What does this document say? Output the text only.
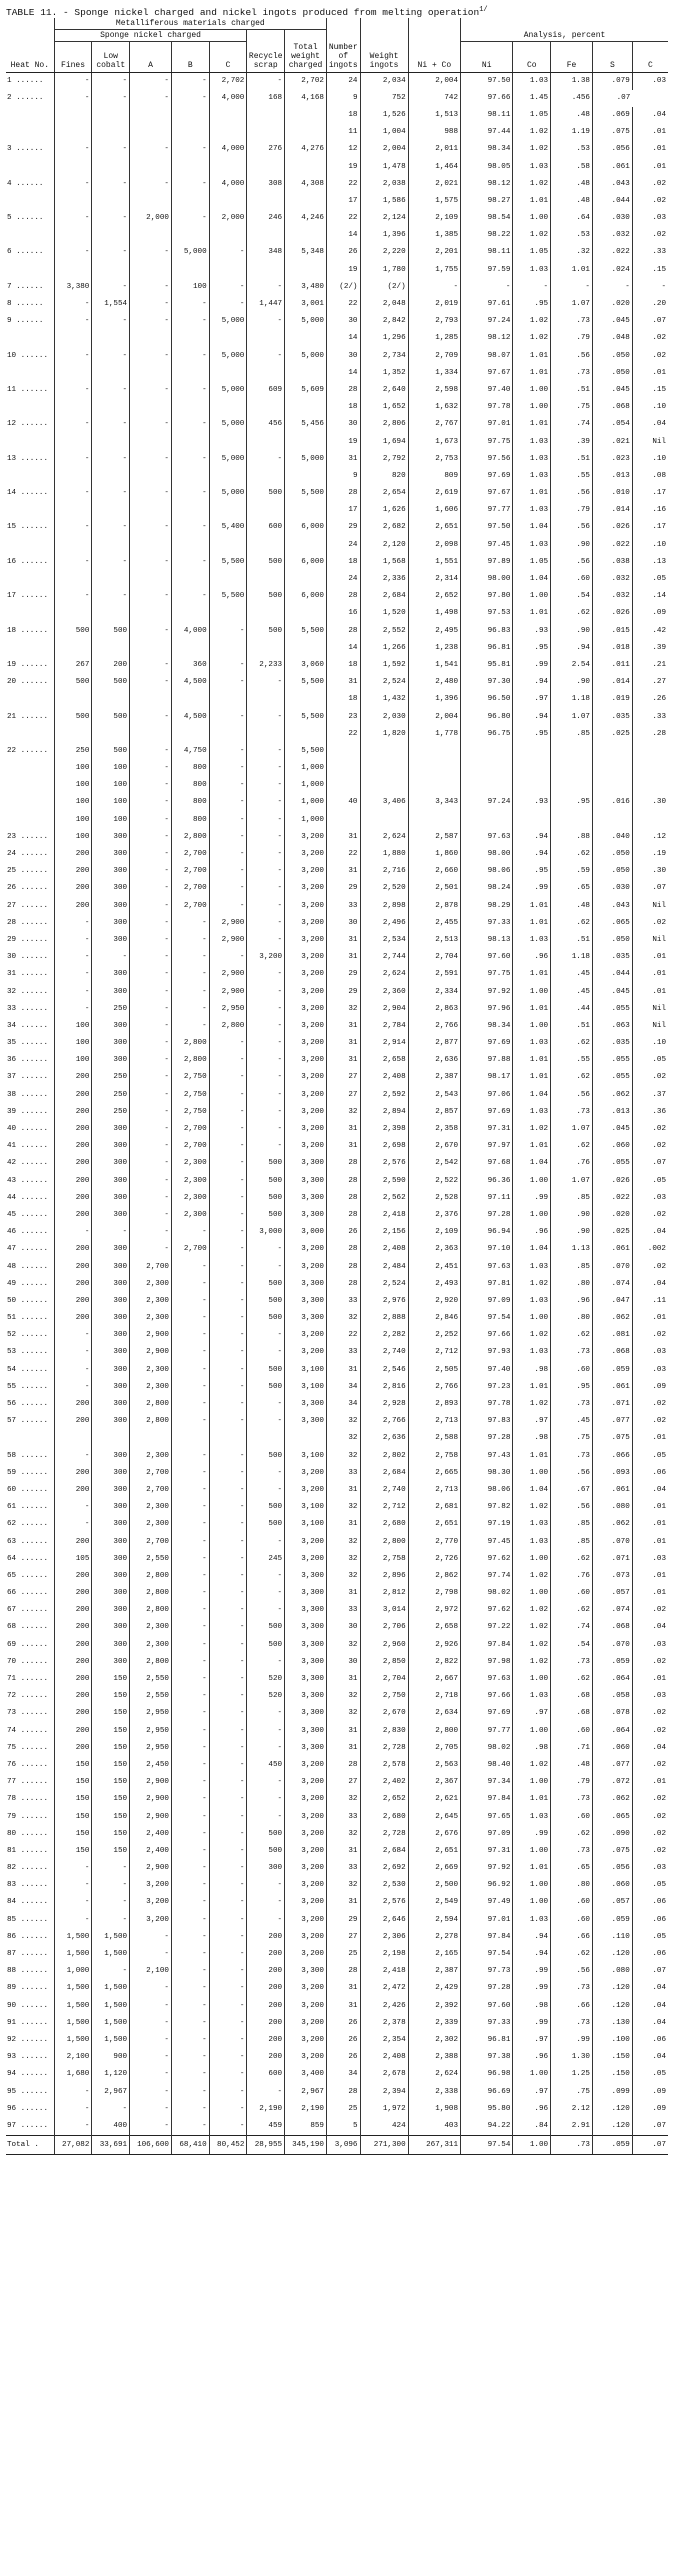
TABLE 11. - Sponge nickel charged and nickel ingots produced from melting operation$^{1/}$
	Metalliferous materials charged														
	Sponge nickel charged										Analysis, percent				
Heat No.	Fines	Low cobalt	A	B	C	Recycle scrap	Total weight charged	Number of ingots	Weight ingots	Ni + Co	Ni	Co	Fe	S	C
1 ......	-	-	-	-	2,702	-	2,702	24	2,034	2,004	97.50	1.03	1.38	.079	.03
2 ......	-	-	-	-	4,000	168	4,168	9	752	742	97.66	1.45	.456	.07	
								18	1,526	1,513	98.11	1.05	.48	.069	.04
								11	1,004	988	97.44	1.02	1.19	.075	.01
3 ......	-	-	-	-	4,000	276	4,276	12	2,004	2,011	98.34	1.02	.53	.056	.01
								19	1,478	1,464	98.05	1.03	.58	.061	.01
4 ......	-	-	-	-	4,000	308	4,308	22	2,038	2,021	98.12	1.02	.48	.043	.02
								17	1,586	1,575	98.27	1.01	.48	.044	.02
5 ......	-	-	2,000	-	2,000	246	4,246	22	2,124	2,109	98.54	1.00	.64	.030	.03
								14	1,396	1,385	98.22	1.02	.53	.032	.02
6 ......	-	-	-	5,000	-	348	5,348	26	2,220	2,201	98.11	1.05	.32	.022	.33
								19	1,780	1,755	97.59	1.03	1.01	.024	.15
7 ......	3,380	-	-	100	-	-	3,480	(2/)	(2/)	-	-	-	-	-	-
8 ......	-	1,554	-	-	-	1,447	3,001	22	2,048	2,019	97.61	.95	1.07	.020	.20
9 ......	-	-	-	-	5,000	-	5,000	30	2,842	2,793	97.24	1.02	.73	.045	.07
								14	1,296	1,285	98.12	1.02	.79	.048	.02
10 ......	-	-	-	-	5,000	-	5,000	30	2,734	2,709	98.07	1.01	.56	.050	.02
								14	1,352	1,334	97.67	1.01	.73	.050	.01
11 ......	-	-	-	-	5,000	609	5,609	28	2,640	2,598	97.40	1.00	.51	.045	.15
								18	1,652	1,632	97.78	1.00	.75	.068	.10
12 ......	-	-	-	-	5,000	456	5,456	30	2,806	2,767	97.01	1.01	.74	.054	.04
								19	1,694	1,673	97.75	1.03	.39	.021	Nil
13 ......	-	-	-	-	5,000	-	5,000	31	2,792	2,753	97.56	1.03	.51	.023	.10
								9	820	809	97.69	1.03	.55	.013	.08
14 ......	-	-	-	-	5,000	500	5,500	28	2,654	2,619	97.67	1.01	.56	.010	.17
								17	1,626	1,606	97.77	1.03	.79	.014	.16
15 ......	-	-	-	-	5,400	600	6,000	29	2,682	2,651	97.50	1.04	.56	.026	.17
								24	2,120	2,098	97.45	1.03	.90	.022	.10
16 ......	-	-	-	-	5,500	500	6,000	18	1,568	1,551	97.89	1.05	.56	.038	.13
								24	2,336	2,314	98.00	1.04	.60	.032	.05
17 ......	-	-	-	-	5,500	500	6,000	28	2,684	2,652	97.80	1.00	.54	.032	.14
								16	1,520	1,498	97.53	1.01	.62	.026	.09
18 ......	500	500	-	4,000	-	500	5,500	28	2,552	2,495	96.83	.93	.90	.015	.42
								14	1,266	1,238	96.81	.95	.94	.018	.39
19 ......	267	200	-	360	-	2,233	3,060	18	1,592	1,541	95.81	.99	2.54	.011	.21
20 ......	500	500	-	4,500	-	-	5,500	31	2,524	2,480	97.30	.94	.90	.014	.27
								18	1,432	1,396	96.50	.97	1.18	.019	.26
21 ......	500	500	-	4,500	-	-	5,500	23	2,030	2,004	96.80	.94	1.07	.035	.33
								22	1,820	1,778	96.75	.95	.85	.025	.28
22 ......	250	500	-	4,750	-	-	5,500								
	100	100	-	800	-	-	1,000								
	100	100	-	800	-	-	1,000								
	100	100	-	800	-	-	1,000	40	3,406	3,343	97.24	.93	.95	.016	.30
	100	100	-	800	-	-	1,000								
23 ......	100	300	-	2,800	-	-	3,200	31	2,624	2,587	97.63	.94	.88	.040	.12
24 ......	200	300	-	2,700	-	-	3,200	22	1,880	1,860	98.00	.94	.62	.050	.19
25 ......	200	300	-	2,700	-	-	3,200	31	2,716	2,660	98.06	.95	.59	.050	.30
26 ......	200	300	-	2,700	-	-	3,200	29	2,520	2,501	98.24	.99	.65	.030	.07
27 ......	200	300	-	2,700	-	-	3,200	33	2,898	2,878	98.29	1.01	.48	.043	Nil
28 ......	-	300	-	-	2,900	-	3,200	30	2,496	2,455	97.33	1.01	.62	.065	.02
29 ......	-	300	-	-	2,900	-	3,200	31	2,534	2,513	98.13	1.03	.51	.050	Nil
30 ......	-	-	-	-	-	3,200	3,200	31	2,744	2,704	97.60	.96	1.18	.035	.01
31 ......	-	300	-	-	2,900	-	3,200	29	2,624	2,591	97.75	1.01	.45	.044	.01
32 ......	-	300	-	-	2,900	-	3,200	29	2,360	2,334	97.92	1.00	.45	.045	.01
33 ......	-	250	-	-	2,950	-	3,200	32	2,904	2,863	97.96	1.01	.44	.055	Nil
34 ......	100	300	-	-	2,800	-	3,200	31	2,784	2,766	98.34	1.00	.51	.063	Nil
35 ......	100	300	-	2,800	-	-	3,200	31	2,914	2,877	97.69	1.03	.62	.035	.10
36 ......	100	300	-	2,800	-	-	3,200	31	2,658	2,636	97.88	1.01	.55	.055	.05
37 ......	200	250	-	2,750	-	-	3,200	27	2,408	2,387	98.17	1.01	.62	.055	.02
38 ......	200	250	-	2,750	-	-	3,200	27	2,592	2,543	97.06	1.04	.56	.062	.37
39 ......	200	250	-	2,750	-	-	3,200	32	2,894	2,857	97.69	1.03	.73	.013	.36
40 ......	200	300	-	2,700	-	-	3,200	31	2,398	2,358	97.31	1.02	1.07	.045	.02
41 ......	200	300	-	2,700	-	-	3,200	31	2,698	2,670	97.97	1.01	.62	.060	.02
42 ......	200	300	-	2,300	-	500	3,300	28	2,576	2,542	97.68	1.04	.76	.055	.07
43 ......	200	300	-	2,300	-	500	3,300	28	2,590	2,522	96.36	1.00	1.07	.026	.05
44 ......	200	300	-	2,300	-	500	3,300	28	2,562	2,528	97.11	.99	.85	.022	.03
45 ......	200	300	-	2,300	-	500	3,300	28	2,418	2,376	97.28	1.00	.90	.020	.02
46 ......	-	-	-	-	-	3,000	3,000	26	2,156	2,109	96.94	.96	.90	.025	.04
47 ......	200	300	-	2,700	-	-	3,200	28	2,408	2,363	97.10	1.04	1.13	.061	.002
48 ......	200	300	2,700	-	-	-	3,200	28	2,484	2,451	97.63	1.03	.85	.070	.02
49 ......	200	300	2,300	-	-	500	3,300	28	2,524	2,493	97.81	1.02	.80	.074	.04
50 ......	200	300	2,300	-	-	500	3,300	33	2,976	2,920	97.09	1.03	.96	.047	.11
51 ......	200	300	2,300	-	-	500	3,300	32	2,888	2,846	97.54	1.00	.80	.062	.01
52 ......	-	300	2,900	-	-	-	3,200	22	2,282	2,252	97.66	1.02	.62	.081	.02
53 ......	-	300	2,900	-	-	-	3,200	33	2,740	2,712	97.93	1.03	.73	.068	.03
54 ......	-	300	2,300	-	-	500	3,100	31	2,546	2,505	97.40	.98	.60	.059	.03
55 ......	-	300	2,300	-	-	500	3,100	34	2,816	2,766	97.23	1.01	.95	.061	.09
56 ......	200	300	2,800	-	-	-	3,300	34	2,928	2,893	97.78	1.02	.73	.071	.02
57 ......	200	300	2,800	-	-	-	3,300	32	2,766	2,713	97.83	.97	.45	.077	.02
								32	2,636	2,588	97.28	.98	.75	.075	.01
58 ......	-	300	2,300	-	-	500	3,100	32	2,802	2,758	97.43	1.01	.73	.066	.05
59 ......	200	300	2,700	-	-	-	3,200	33	2,684	2,665	98.30	1.00	.56	.093	.06
60 ......	200	300	2,700	-	-	-	3,200	31	2,740	2,713	98.06	1.04	.67	.061	.04
61 ......	-	300	2,300	-	-	500	3,100	32	2,712	2,681	97.82	1.02	.56	.080	.01
62 ......	-	300	2,300	-	-	500	3,100	31	2,680	2,651	97.19	1.03	.85	.062	.01
63 ......	200	300	2,700	-	-	-	3,200	32	2,800	2,770	97.45	1.03	.85	.070	.01
64 ......	105	300	2,550	-	-	245	3,200	32	2,758	2,726	97.62	1.00	.62	.071	.03
65 ......	200	300	2,800	-	-	-	3,300	32	2,896	2,862	97.74	1.02	.76	.073	.01
66 ......	200	300	2,800	-	-	-	3,300	31	2,812	2,798	98.02	1.00	.60	.057	.01
67 ......	200	300	2,800	-	-	-	3,300	33	3,014	2,972	97.62	1.02	.62	.074	.02
68 ......	200	300	2,300	-	-	500	3,300	30	2,706	2,658	97.22	1.02	.74	.068	.04
69 ......	200	300	2,300	-	-	500	3,300	32	2,960	2,926	97.84	1.02	.54	.070	.03
70 ......	200	300	2,800	-	-	-	3,300	30	2,850	2,822	97.98	1.02	.73	.059	.02
71 ......	200	150	2,550	-	-	520	3,300	31	2,704	2,667	97.63	1.00	.62	.064	.01
72 ......	200	150	2,550	-	-	520	3,300	32	2,750	2,718	97.66	1.03	.68	.058	.03
73 ......	200	150	2,950	-	-	-	3,300	32	2,670	2,634	97.69	.97	.68	.078	.02
74 ......	200	150	2,950	-	-	-	3,300	31	2,830	2,800	97.77	1.00	.60	.064	.02
75 ......	200	150	2,950	-	-	-	3,300	31	2,728	2,705	98.02	.98	.71	.060	.04
76 ......	150	150	2,450	-	-	450	3,200	28	2,578	2,563	98.40	1.02	.48	.077	.02
77 ......	150	150	2,900	-	-	-	3,200	27	2,402	2,367	97.34	1.00	.79	.072	.01
78 ......	150	150	2,900	-	-	-	3,200	32	2,652	2,621	97.84	1.01	.73	.062	.02
79 ......	150	150	2,900	-	-	-	3,200	33	2,680	2,645	97.65	1.03	.60	.065	.02
80 ......	150	150	2,400	-	-	500	3,200	32	2,728	2,676	97.09	.99	.62	.090	.02
81 ......	150	150	2,400	-	-	500	3,200	31	2,684	2,651	97.31	1.00	.73	.075	.02
82 ......	-	-	2,900	-	-	300	3,200	33	2,692	2,669	97.92	1.01	.65	.056	.03
83 ......	-	-	3,200	-	-	-	3,200	32	2,530	2,500	96.92	1.00	.80	.060	.05
84 ......	-	-	3,200	-	-	-	3,200	31	2,576	2,549	97.49	1.00	.60	.057	.06
85 ......	-	-	3,200	-	-	-	3,200	29	2,646	2,594	97.01	1.03	.60	.059	.06
86 ......	1,500	1,500	-	-	-	200	3,200	27	2,306	2,278	97.84	.94	.66	.110	.05
87 ......	1,500	1,500	-	-	-	200	3,200	25	2,198	2,165	97.54	.94	.62	.120	.06
88 ......	1,000	-	2,100	-	-	200	3,300	28	2,418	2,387	97.73	.99	.56	.080	.07
89 ......	1,500	1,500	-	-	-	200	3,200	31	2,472	2,429	97.28	.99	.73	.120	.04
90 ......	1,500	1,500	-	-	-	200	3,200	31	2,426	2,392	97.60	.98	.66	.120	.04
91 ......	1,500	1,500	-	-	-	200	3,200	26	2,378	2,339	97.33	.99	.73	.130	.04
92 ......	1,500	1,500	-	-	-	200	3,200	26	2,354	2,302	96.81	.97	.99	.100	.06
93 ......	2,100	900	-	-	-	200	3,200	26	2,408	2,388	97.38	.96	1.30	.150	.04
94 ......	1,680	1,120	-	-	-	600	3,400	34	2,678	2,624	96.98	1.00	1.25	.150	.05
95 ......	-	2,967	-	-	-	-	2,967	28	2,394	2,338	96.69	.97	.75	.099	.09
96 ......	-	-	-	-	-	2,190	2,190	25	1,972	1,908	95.80	.96	2.12	.120	.09
97 ......	-	400	-	-	-	459	859	5	424	403	94.22	.84	2.91	.120	.07
Total .	27,082	33,691	106,600	68,410	80,452	28,955	345,190	3,096	271,300	267,311	97.54	1.00	.73	.059	.07
